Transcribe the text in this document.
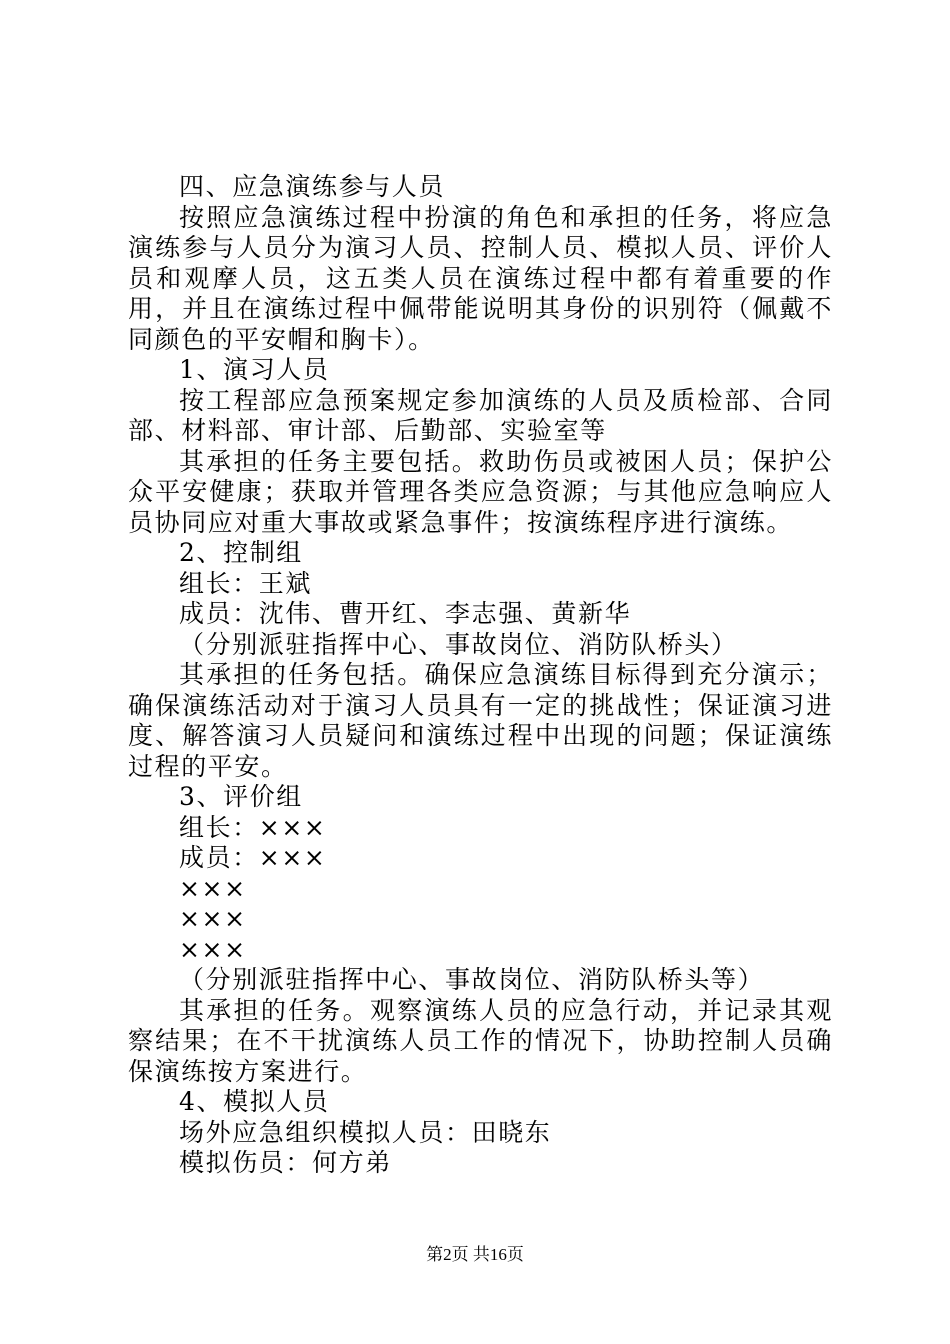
四、应急演练参与人员

按照应急演练过程中扮演的角色和承担的任务，将应急演练参与人员分为演习人员、控制人员、模拟人员、评价人员和观摩人员，这五类人员在演练过程中都有着重要的作用，并且在演练过程中佩带能说明其身份的识别符（佩戴不同颜色的平安帽和胸卡）。

1、演习人员

按工程部应急预案规定参加演练的人员及质检部、合同部、材料部、审计部、后勤部、实验室等

其承担的任务主要包括。救助伤员或被困人员；保护公众平安健康；获取并管理各类应急资源；与其他应急响应人员协同应对重大事故或紧急事件；按演练程序进行演练。

2、控制组

组长：王斌

成员：沈伟、曹开红、李志强、黄新华

（分别派驻指挥中心、事故岗位、消防队桥头）

其承担的任务包括。确保应急演练目标得到充分演示；确保演练活动对于演习人员具有一定的挑战性；保证演习进度、解答演习人员疑问和演练过程中出现的问题；保证演练过程的平安。

3、评价组

组长：×××

成员：×××

×××

×××

×××

（分别派驻指挥中心、事故岗位、消防队桥头等）

其承担的任务。观察演练人员的应急行动，并记录其观察结果；在不干扰演练人员工作的情况下，协助控制人员确保演练按方案进行。

4、模拟人员

场外应急组织模拟人员：田晓东

模拟伤员：何方弟

第2页 共16页
